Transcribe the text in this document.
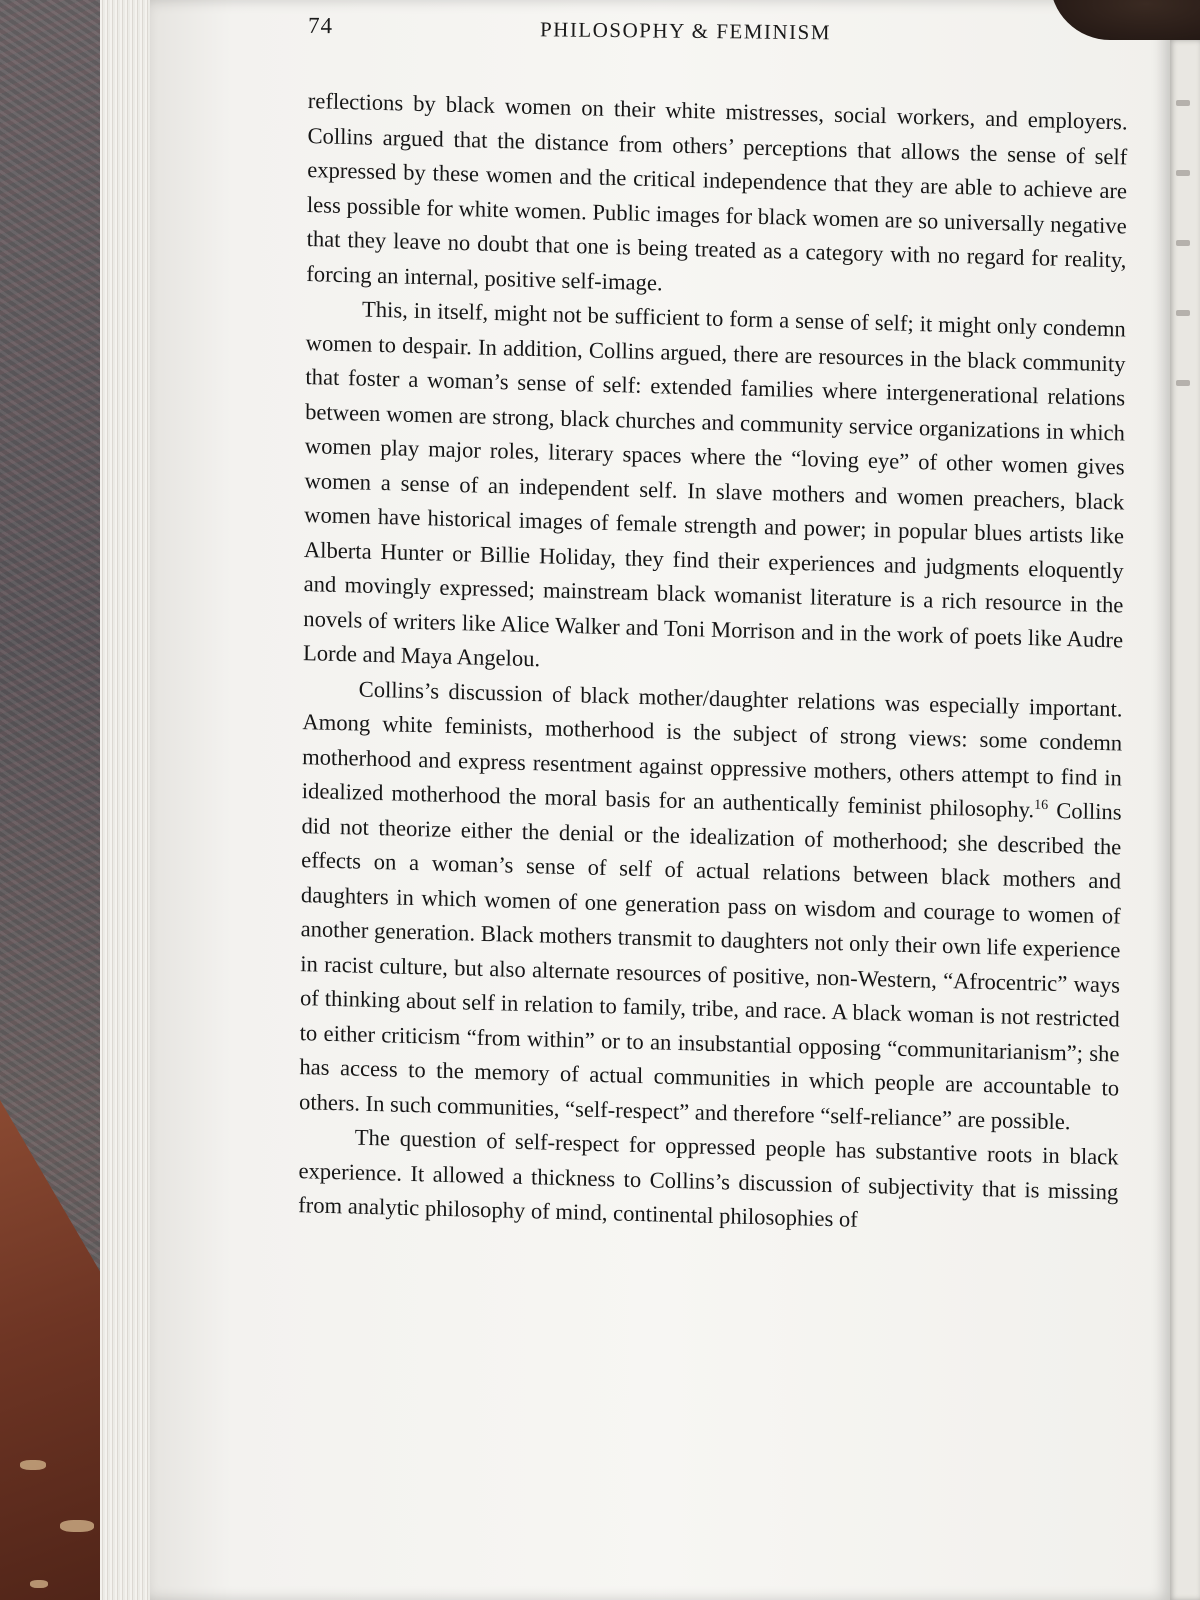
74	PHILOSOPHY & FEMINISM

reflections by black women on their white mistresses, social workers, and employers. Collins argued that the distance from others’ perceptions that allows the sense of self expressed by these women and the critical independence that they are able to achieve are less possible for white women. Public images for black women are so universally negative that they leave no doubt that one is being treated as a category with no regard for reality, forcing an internal, positive self-image.

This, in itself, might not be sufficient to form a sense of self; it might only condemn women to despair. In addition, Collins argued, there are resources in the black community that foster a woman’s sense of self: extended families where intergenerational relations between women are strong, black churches and community service organizations in which women play major roles, literary spaces where the “loving eye” of other women gives women a sense of an independent self. In slave mothers and women preachers, black women have historical images of female strength and power; in popular blues artists like Alberta Hunter or Billie Holiday, they find their experiences and judgments eloquently and movingly expressed; mainstream black womanist literature is a rich resource in the novels of writers like Alice Walker and Toni Morrison and in the work of poets like Audre Lorde and Maya Angelou.

Collins’s discussion of black mother/daughter relations was especially important. Among white feminists, motherhood is the subject of strong views: some condemn motherhood and express resentment against oppressive mothers, others attempt to find in idealized motherhood the moral basis for an authentically feminist philosophy.$^{16}$ Collins did not theorize either the denial or the idealization of motherhood; she described the effects on a woman’s sense of self of actual relations between black mothers and daughters in which women of one generation pass on wisdom and courage to women of another generation. Black mothers transmit to daughters not only their own life experience in racist culture, but also alternate resources of positive, non-Western, “Afrocentric” ways of thinking about self in relation to family, tribe, and race. A black woman is not restricted to either criticism “from within” or to an insubstantial opposing “communitarianism”; she has access to the memory of actual communities in which people are accountable to others. In such communities, “self-respect” and therefore “self-reliance” are possible.

The question of self-respect for oppressed people has substantive roots in black experience. It allowed a thickness to Collins’s discussion of subjectivity that is missing from analytic philosophy of mind, continental philosophies of
